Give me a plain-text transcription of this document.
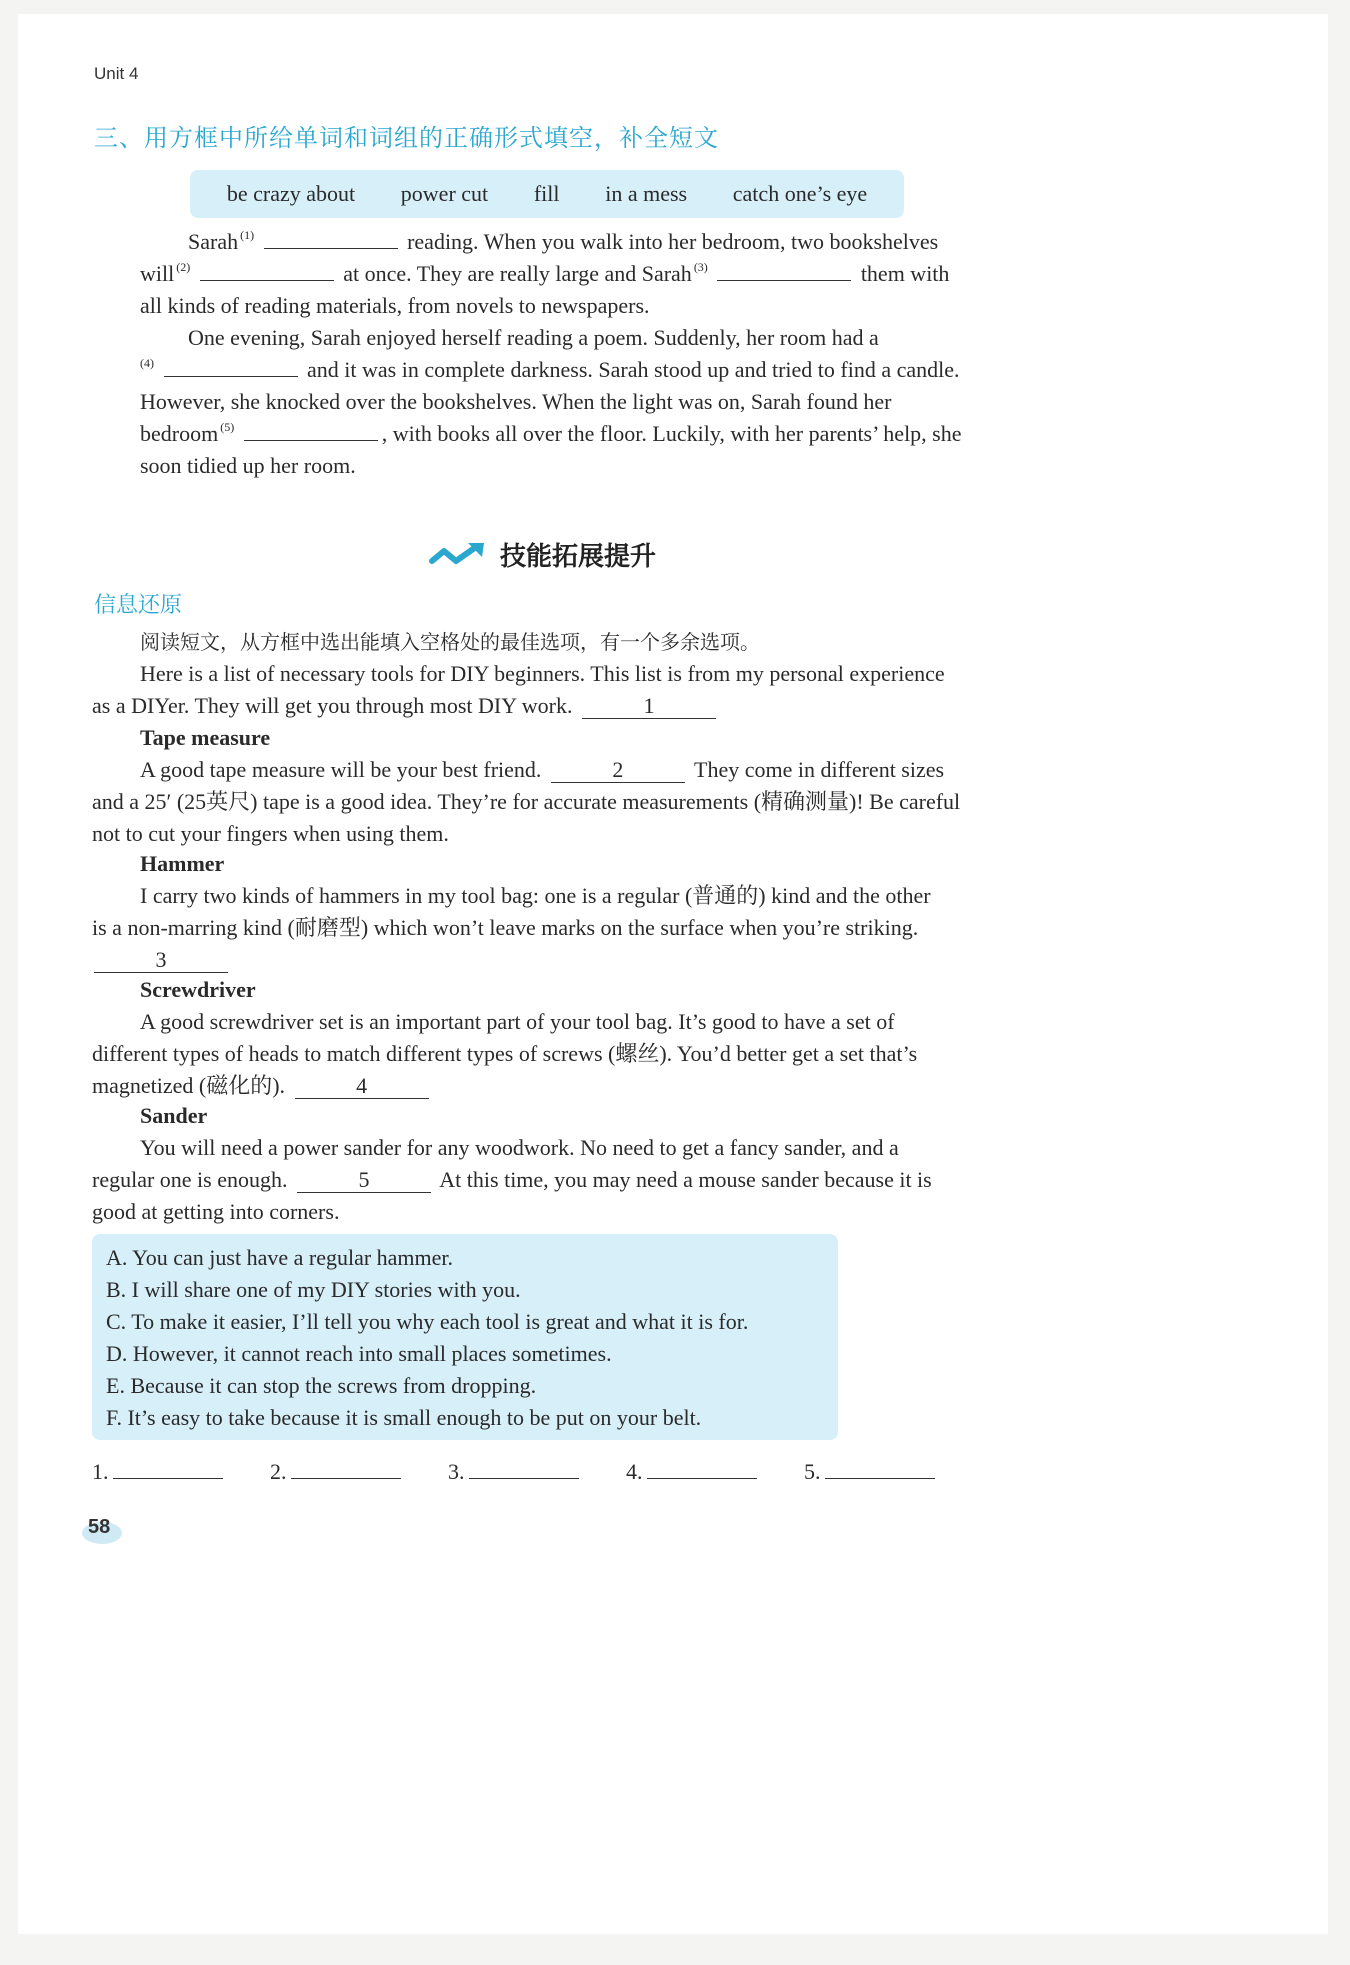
Unit 4
三、用方框中所给单词和词组的正确形式填空，补全短文
be crazy about power cut fill in a mess catch one’s eye
Sarah $^{(1)}$	reading. When you walk into her bedroom, two bookshelves
will $^{(2)}$	at once. They are really large and Sarah $^{(3)}$	them with
all kinds of reading materials, from novels to newspapers.
One evening, Sarah enjoyed herself reading a poem. Suddenly, her room had a
$^{(4)}$	and it was in complete darkness. Sarah stood up and tried to find a candle.
However, she knocked over the bookshelves. When the light was on, Sarah found her
bedroom $^{(5)}$	, with books all over the floor. Luckily, with her parents’ help, she
soon tidied up her room.
技能拓展提升
信息还原
阅读短文，从方框中选出能填入空格处的最佳选项，有一个多余选项。
Here is a list of necessary tools for DIY beginners. This list is from my personal experience
as a DIYer. They will get you through most DIY work.	1
Tape measure
A good tape measure will be your best friend.	2	They come in different sizes
and a 25′ (25英尺) tape is a good idea. They’re for accurate measurements (精确测量)! Be careful
not to cut your fingers when using them.
Hammer
I carry two kinds of hammers in my tool bag: one is a regular (普通的) kind and the other
is a non-marring kind (耐磨型) which won’t leave marks on the surface when you’re striking.
3
Screwdriver
A good screwdriver set is an important part of your tool bag. It’s good to have a set of
different types of heads to match different types of screws (螺丝). You’d better get a set that’s
magnetized (磁化的).	4
Sander
You will need a power sander for any woodwork. No need to get a fancy sander, and a
regular one is enough.	5	At this time, you may need a mouse sander because it is
good at getting into corners.
A. You can just have a regular hammer.
B. I will share one of my DIY stories with you.
C. To make it easier, I’ll tell you why each tool is great and what it is for.
D. However, it cannot reach into small places sometimes.
E. Because it can stop the screws from dropping.
F. It’s easy to take because it is small enough to be put on your belt.
1.	2.	3.	4.	5.
58
